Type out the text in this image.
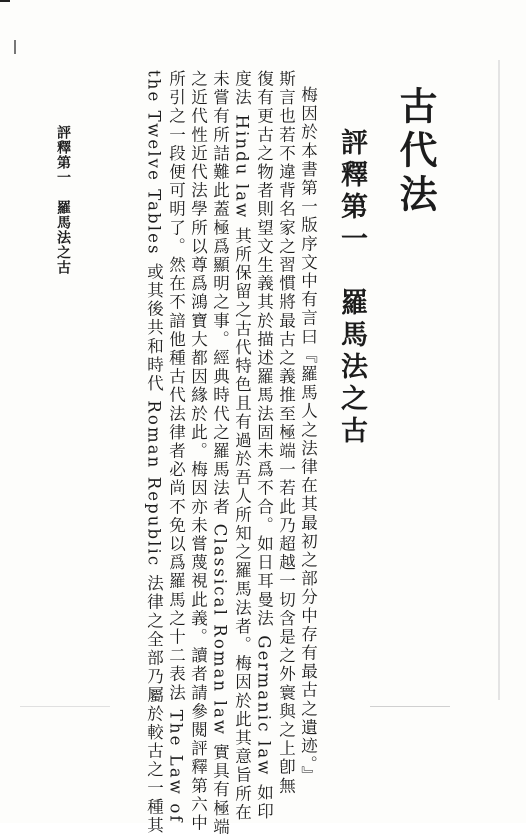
古代法
評釋第一　羅馬法之古
梅因於本書第一版序文中有言曰『羅馬人之法律在其最初之部分中存有最古之遺迹。』
斯言也若不違背名家之習慣將最古之義推至極端一若此乃超越一切含是之外寰與之上卽無
復有更古之物者則望文生義其於描述羅馬法固未爲不合。如日耳曼法 Germanic law 如印
度法 Hindu law 其所保留之古代特色且有過於吾人所知之羅馬法者。梅因於此其意旨所在
未嘗有所詰難此蓋極爲顯明之事。經典時代之羅馬法者 Classical Roman law 實具有極端
之近代性近代法學所以尊爲鴻寶大都因緣於此。梅因亦未嘗蔑視此義。讀者請參閱評釋第六中
所引之一段便可明了。然在不諳他種古代法律者必尚不免以爲羅馬之十二表法 The Law of
the Twelve Tables 或其後共和時代 Roman Republic 法律之全部乃屬於較古之一種其
評釋第一　羅馬法之古
